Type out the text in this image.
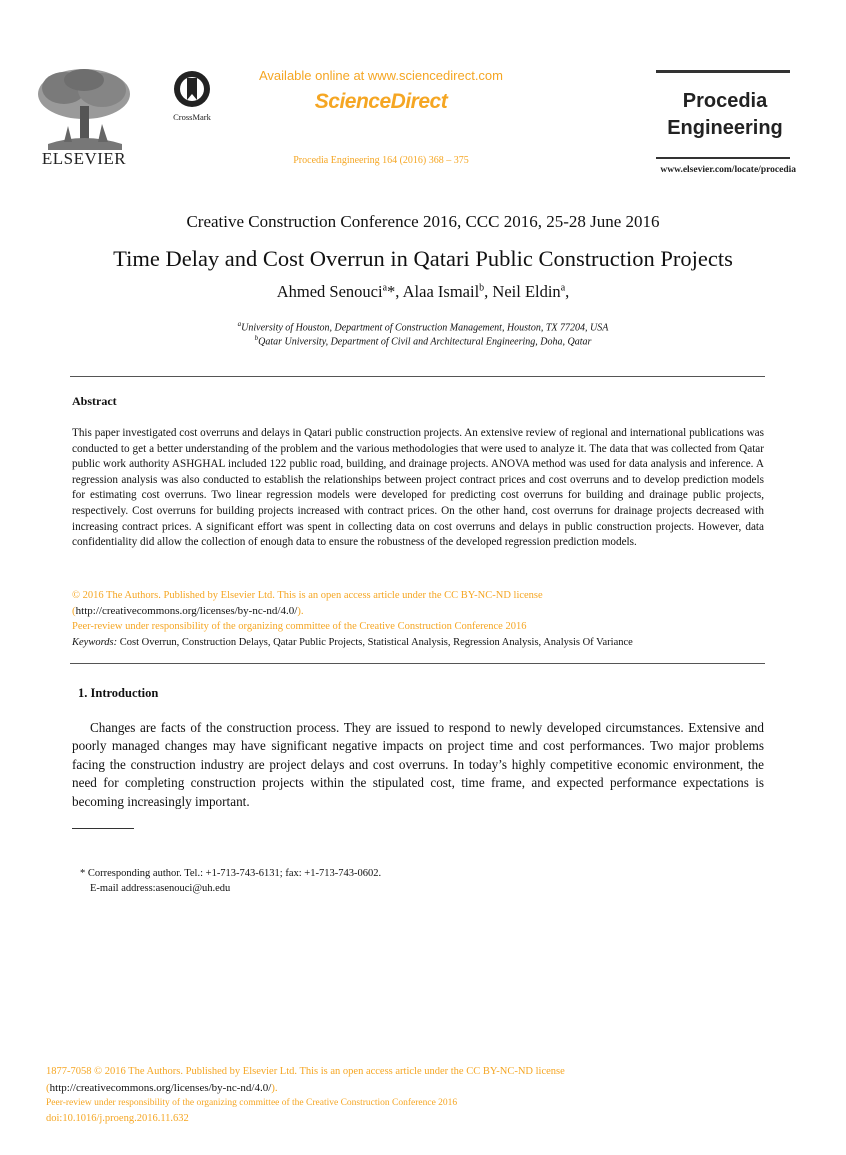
ELSEVIER
CrossMark
Available online at www.sciencedirect.com
ScienceDirect
Procedia Engineering 164 (2016) 368 – 375
Procedia
Engineering
www.elsevier.com/locate/procedia
Creative Construction Conference 2016, CCC 2016, 25-28 June 2016
Time Delay and Cost Overrun in Qatari Public Construction Projects
Ahmed Senouci$^a$*, Alaa Ismail$^b$, Neil Eldin$^a$,
$^a$University of Houston, Department of Construction Management, Houston, TX 77204, USA
$^b$Qatar University, Department of Civil and Architectural Engineering, Doha, Qatar
Abstract
This paper investigated cost overruns and delays in Qatari public construction projects. An extensive review of regional and international publications was conducted to get a better understanding of the problem and the various methodologies that were used to analyze it. The data that was collected from Qatar public work authority ASHGHAL included 122 public road, building, and drainage projects. ANOVA method was used for data analysis and inference. A regression analysis was also conducted to establish the relationships between project contract prices and cost overruns and to develop prediction models for estimating cost overruns. Two linear regression models were developed for predicting cost overruns for building and drainage public projects, respectively. Cost overruns for building projects increased with contract prices. On the other hand, cost overruns for drainage projects decreased with increasing contract prices. A significant effort was spent in collecting data on cost overruns and delays in public construction projects. However, data confidentiality did allow the collection of enough data to ensure the robustness of the developed regression prediction models.
© 2016 The Authors. Published by Elsevier Ltd. This is an open access article under the CC BY-NC-ND license
(http://creativecommons.org/licenses/by-nc-nd/4.0/).
Peer-review under responsibility of the organizing committee of the Creative Construction Conference 2016
Keywords: Cost Overrun, Construction Delays, Qatar Public Projects, Statistical Analysis, Regression Analysis, Analysis Of Variance
1. Introduction
Changes are facts of the construction process. They are issued to respond to newly developed circumstances. Extensive and poorly managed changes may have significant negative impacts on project time and cost performances. Two major problems facing the construction industry are project delays and cost overruns. In today’s highly competitive economic environment, the need for completing construction projects within the stipulated cost, time frame, and expected performance expectations is becoming increasingly important.
* Corresponding author. Tel.: +1-713-743-6131; fax: +1-713-743-0602.
E-mail address:asenouci@uh.edu
1877-7058 © 2016 The Authors. Published by Elsevier Ltd. This is an open access article under the CC BY-NC-ND license
(http://creativecommons.org/licenses/by-nc-nd/4.0/).
Peer-review under responsibility of the organizing committee of the Creative Construction Conference 2016
doi:10.1016/j.proeng.2016.11.632
